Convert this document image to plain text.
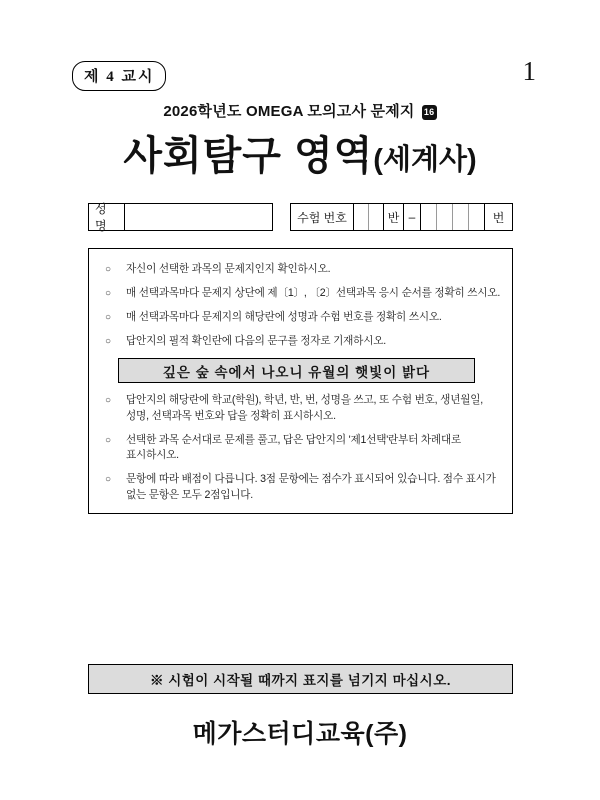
제 4 교시	1
2026학년도 OMEGA 모의고사 문제지 16
사회탐구 영역(세계사)
성명
수험 번호	반 –	번
○	자신이 선택한 과목의 문제지인지 확인하시오.
○	매 선택과목마다 문제지 상단에 제〔1〕, 〔2〕선택과목 응시 순서를 정확히 쓰시오.
○	매 선택과목마다 문제지의 해당란에 성명과 수험 번호를 정확히 쓰시오.
○	답안지의 필적 확인란에 다음의 문구를 정자로 기재하시오.
깊은 숲 속에서 나오니 유월의 햇빛이 밝다
○	답안지의 해당란에 학교(학원), 학년, 반, 번, 성명을 쓰고, 또 수험 번호, 생년월일, 성명, 선택과목 번호와 답을 정확히 표시하시오.
○	선택한 과목 순서대로 문제를 풀고, 답은 답안지의 '제1선택'란부터 차례대로 표시하시오.
○	문항에 따라 배점이 다릅니다. 3점 문항에는 점수가 표시되어 있습니다. 점수 표시가 없는 문항은 모두 2점입니다.
※ 시험이 시작될 때까지 표지를 넘기지 마십시오.
메가스터디교육(주)
